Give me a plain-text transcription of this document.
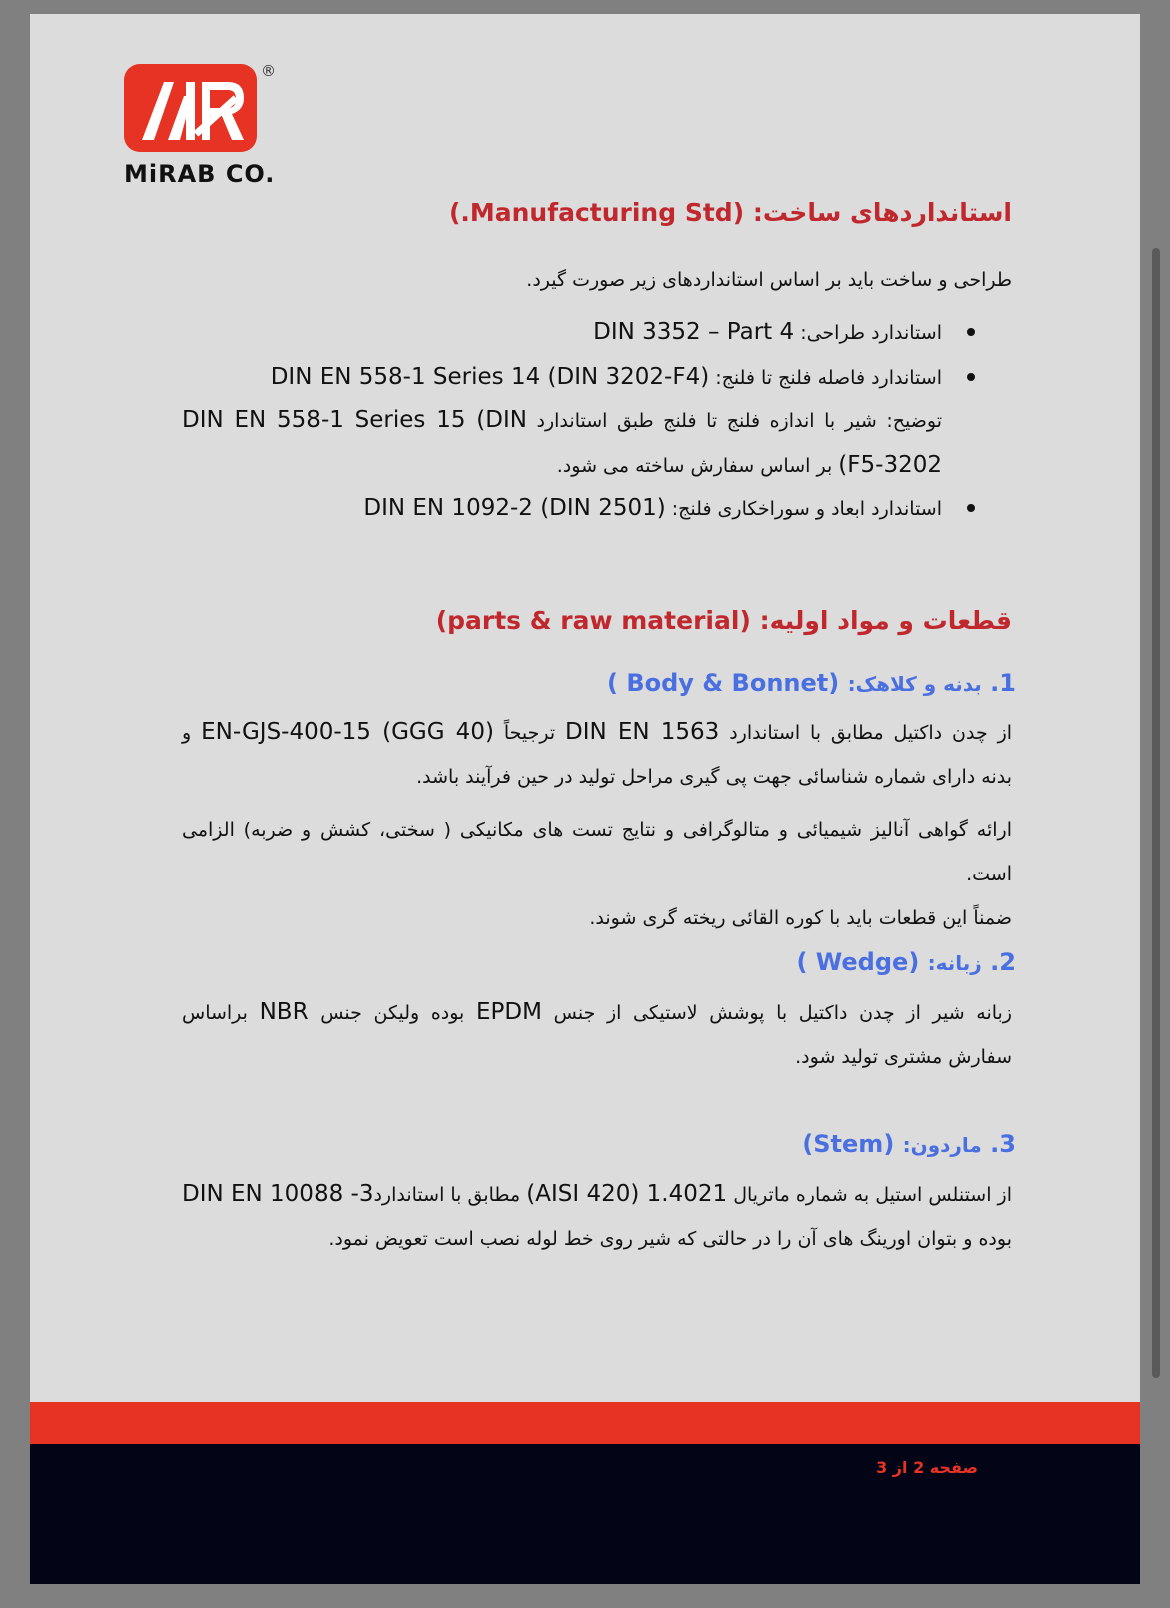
®
MiRAB CO.
استانداردهای ساخت: (Manufacturing Std.)
طراحی و ساخت باید بر اساس استانداردهای زیر صورت گیرد.
استاندارد طراحی: DIN 3352 – Part 4
استاندارد فاصله فلنج تا فلنج: DIN EN 558-1 Series 14 (DIN 3202-F4)
توضیح: شیر با اندازه فلنج تا فلنج طبق استاندارد DIN EN 558-1 Series 15 (DIN
3202-F5) بر اساس سفارش ساخته می شود.
استاندارد ابعاد و سوراخکاری فلنج: DIN EN 1092-2 (DIN 2501)
قطعات و مواد اولیه: (parts & raw material)
1. بدنه و کلاهک: (Body & Bonnet )
از چدن داکتیل مطابق با استاندارد DIN EN 1563 ترجیحاً (GGG 40) EN-GJS-400-15 و
بدنه دارای شماره شناسائی جهت پی گیری مراحل تولید در حین فرآیند باشد.
ارائه گواهی آنالیز شیمیائی و متالوگرافی و نتایج تست های مکانیکی ( سختی، کشش و ضربه) الزامی است.
ضمناً این قطعات باید با کوره القائی ریخته گری شوند.
2. زبانه: (Wedge )
زبانه شیر از چدن داکتیل با پوشش لاستیکی از جنس EPDM بوده ولیکن جنس NBR براساس
سفارش مشتری تولید شود.
3. ماردون: (Stem)
از استنلس استیل به شماره ماتریال 1.4021 (AISI 420) مطابق با استانداردDIN EN 10088 -3
بوده و بتوان اورینگ های آن را در حالتی که شیر روی خط لوله نصب است تعویض نمود.
صفحه 2 از 3
